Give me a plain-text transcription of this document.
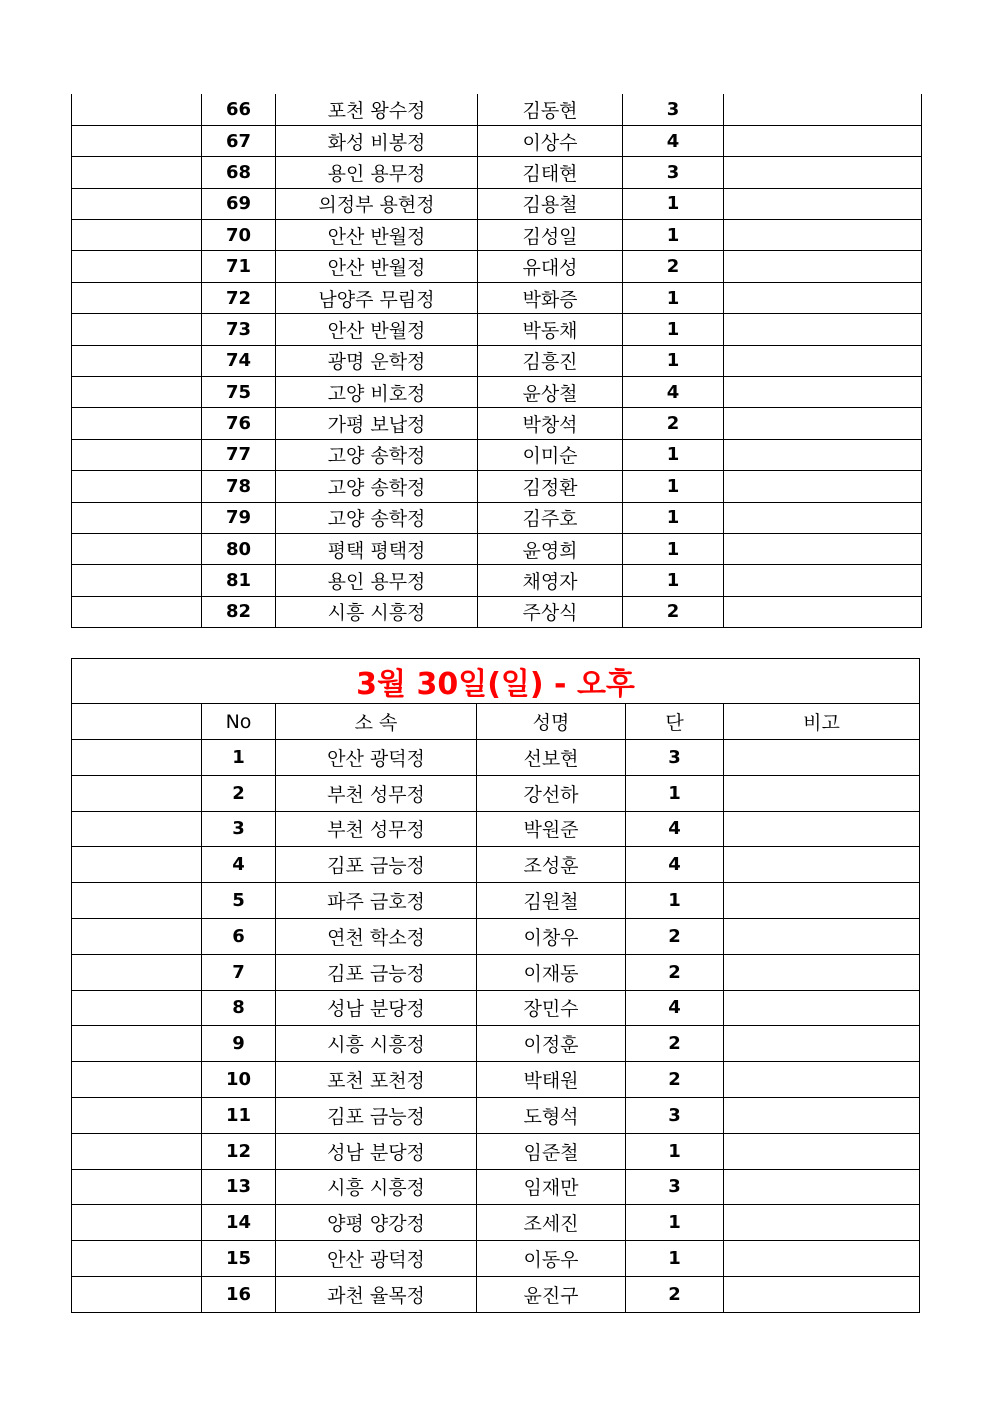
	66	포천 왕수정	김동현	3	
	67	화성 비봉정	이상수	4	
	68	용인 용무정	김태현	3	
	69	의정부 용현정	김용철	1	
	70	안산 반월정	김성일	1	
	71	안산 반월정	유대성	2	
	72	남양주 무림정	박화증	1	
	73	안산 반월정	박동채	1	
	74	광명 운학정	김흥진	1	
	75	고양 비호정	윤상철	4	
	76	가평 보납정	박창석	2	
	77	고양 송학정	이미순	1	
	78	고양 송학정	김정환	1	
	79	고양 송학정	김주호	1	
	80	평택 평택정	윤영희	1	
	81	용인 용무정	채영자	1	
	82	시흥 시흥정	주상식	2	
3월 30일(일) - 오후					
	No	소 속	성명	단	비고
	1	안산 광덕정	선보현	3	
	2	부천 성무정	강선하	1	
	3	부천 성무정	박원준	4	
	4	김포 금능정	조성훈	4	
	5	파주 금호정	김원철	1	
	6	연천 학소정	이창우	2	
	7	김포 금능정	이재동	2	
	8	성남 분당정	장민수	4	
	9	시흥 시흥정	이정훈	2	
	10	포천 포천정	박태원	2	
	11	김포 금능정	도형석	3	
	12	성남 분당정	임준철	1	
	13	시흥 시흥정	임재만	3	
	14	양평 양강정	조세진	1	
	15	안산 광덕정	이동우	1	
	16	과천 율목정	윤진구	2	
